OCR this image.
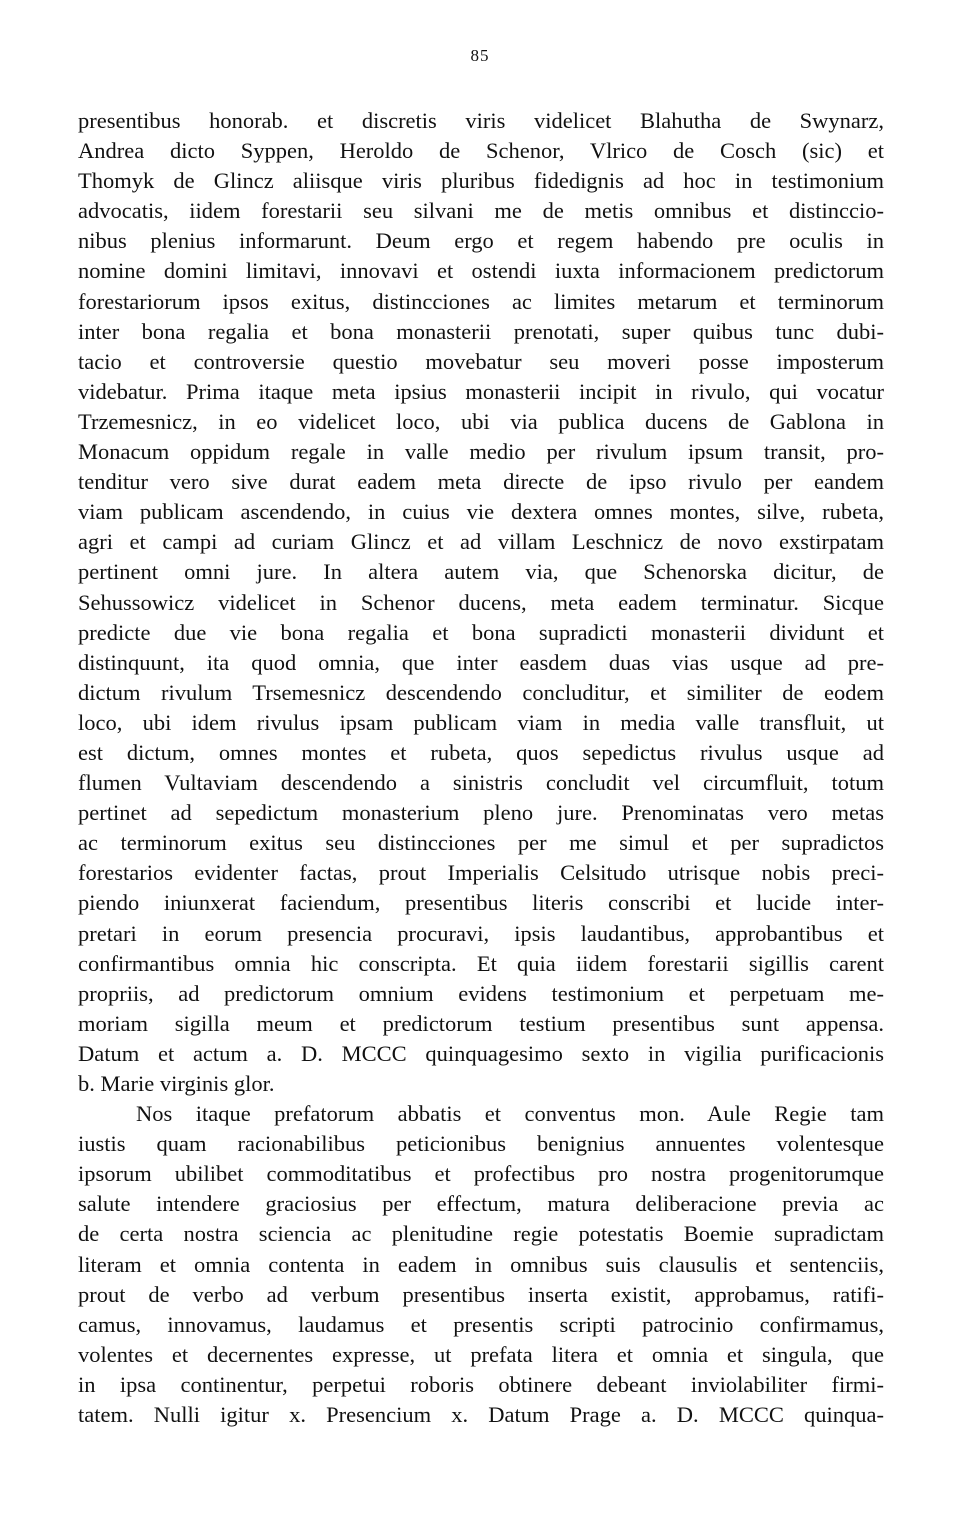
85
presentibus honorab. et discretis viris videlicet Blahutha de Swynarz,
Andrea dicto Syppen, Heroldo de Schenor, Vlrico de Cosch (sic) et
Thomyk de Glincz aliisque viris pluribus fidedignis ad hoc in testimonium
advocatis, iidem forestarii seu silvani me de metis omnibus et distinccio-
nibus plenius informarunt. Deum ergo et regem habendo pre oculis in
nomine domini limitavi, innovavi et ostendi iuxta informacionem predictorum
forestariorum ipsos exitus, distincciones ac limites metarum et terminorum
inter bona regalia et bona monasterii prenotati, super quibus tunc dubi-
tacio et controversie questio movebatur seu moveri posse imposterum
videbatur. Prima itaque meta ipsius monasterii incipit in rivulo, qui vocatur
Trzemesnicz, in eo videlicet loco, ubi via publica ducens de Gablona in
Monacum oppidum regale in valle medio per rivulum ipsum transit, pro-
tenditur vero sive durat eadem meta directe de ipso rivulo per eandem
viam publicam ascendendo, in cuius vie dextera omnes montes, silve, rubeta,
agri et campi ad curiam Glincz et ad villam Leschnicz de novo exstirpatam
pertinent omni jure. In altera autem via, que Schenorska dicitur, de
Sehussowicz videlicet in Schenor ducens, meta eadem terminatur. Sicque
predicte due vie bona regalia et bona supradicti monasterii dividunt et
distinquunt, ita quod omnia, que inter easdem duas vias usque ad pre-
dictum rivulum Trsemesnicz descendendo concluditur, et similiter de eodem
loco, ubi idem rivulus ipsam publicam viam in media valle transfluit, ut
est dictum, omnes montes et rubeta, quos sepedictus rivulus usque ad
flumen Vultaviam descendendo a sinistris concludit vel circumfluit, totum
pertinet ad sepedictum monasterium pleno jure. Prenominatas vero metas
ac terminorum exitus seu distincciones per me simul et per supradictos
forestarios evidenter factas, prout Imperialis Celsitudo utrisque nobis preci-
piendo iniunxerat faciendum, presentibus literis conscribi et lucide inter-
pretari in eorum presencia procuravi, ipsis laudantibus, approbantibus et
confirmantibus omnia hic conscripta. Et quia iidem forestarii sigillis carent
propriis, ad predictorum omnium evidens testimonium et perpetuam me-
moriam sigilla meum et predictorum testium presentibus sunt appensa.
Datum et actum a. D. MCCC quinquagesimo sexto in vigilia purificacionis
b. Marie virginis glor.
Nos itaque prefatorum abbatis et conventus mon. Aule Regie tam
iustis quam racionabilibus peticionibus benignius annuentes volentesque
ipsorum ubilibet commoditatibus et profectibus pro nostra progenitorumque
salute intendere graciosius per effectum, matura deliberacione previa ac
de certa nostra sciencia ac plenitudine regie potestatis Boemie supradictam
literam et omnia contenta in eadem in omnibus suis clausulis et sentenciis,
prout de verbo ad verbum presentibus inserta existit, approbamus, ratifi-
camus, innovamus, laudamus et presentis scripti patrocinio confirmamus,
volentes et decernentes expresse, ut prefata litera et omnia et singula, que
in ipsa continentur, perpetui roboris obtinere debeant inviolabiliter firmi-
tatem. Nulli igitur x. Presencium x. Datum Prage a. D. MCCC quinqua-
